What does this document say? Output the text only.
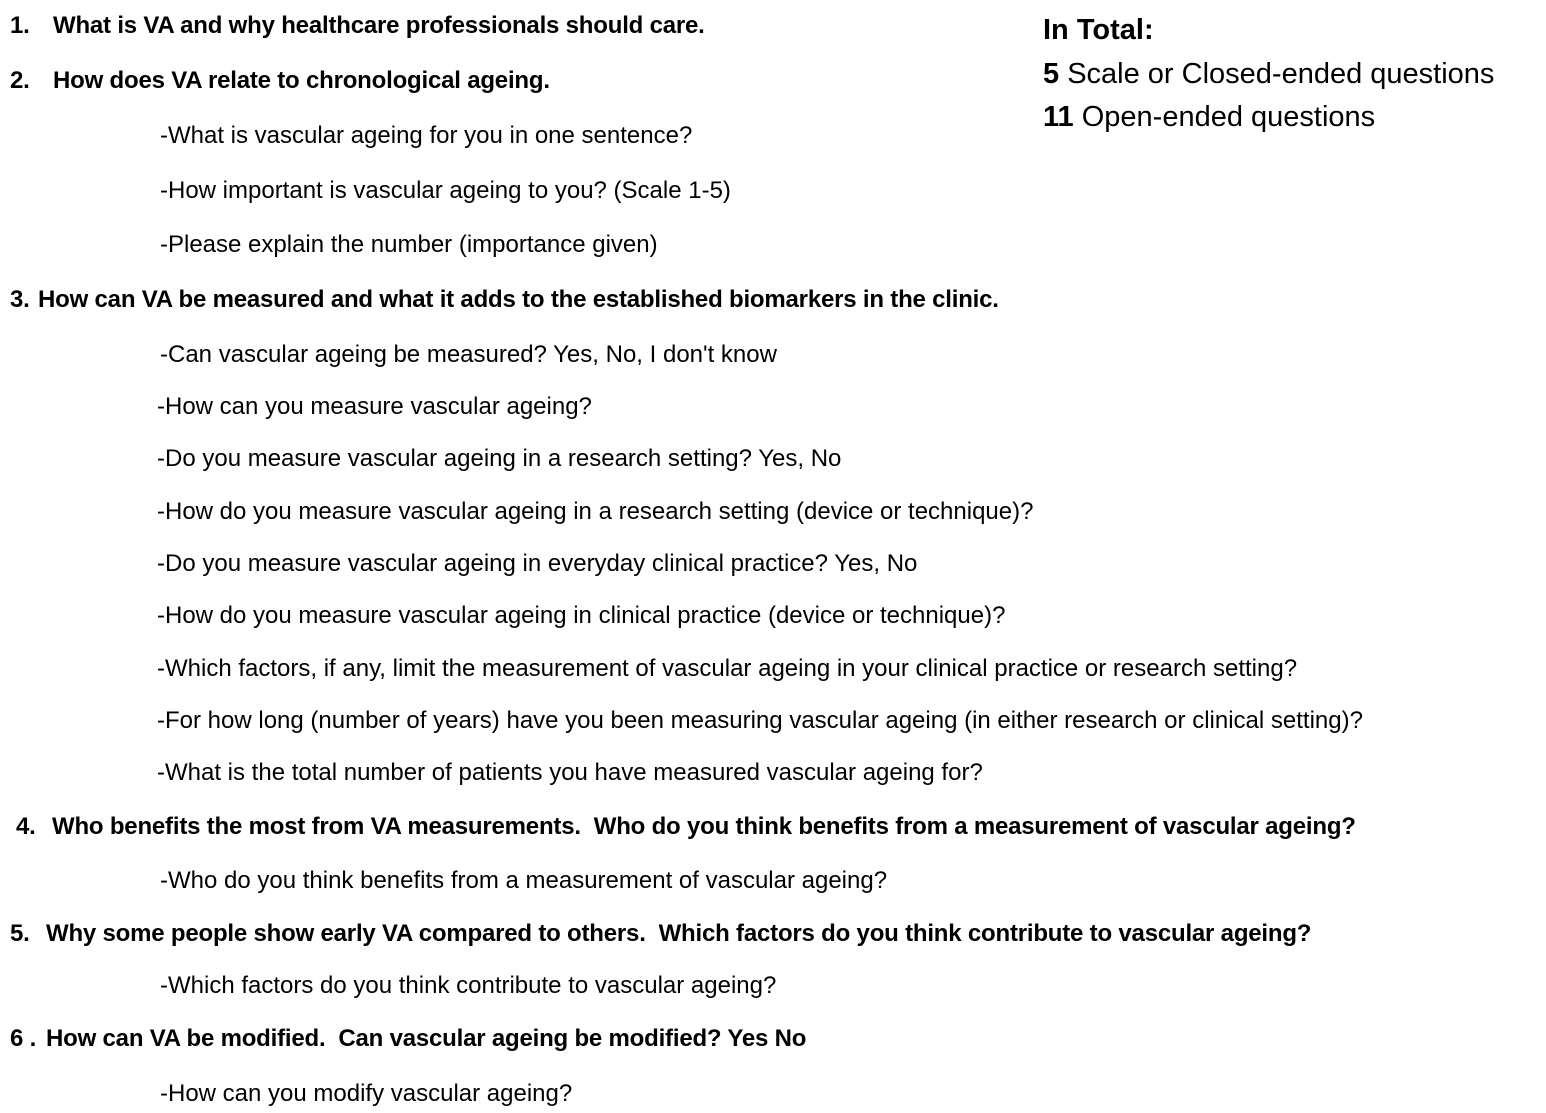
1. What is VA and why healthcare professionals should care.
2. How does VA relate to chronological ageing.
-What is vascular ageing for you in one sentence?
-How important is vascular ageing to you? (Scale 1-5)
-Please explain the number (importance given)
3. How can VA be measured and what it adds to the established biomarkers in the clinic.
-Can vascular ageing be measured? Yes, No, I don't know
-How can you measure vascular ageing?
-Do you measure vascular ageing in a research setting? Yes, No
-How do you measure vascular ageing in a research setting (device or technique)?
-Do you measure vascular ageing in everyday clinical practice? Yes, No
-How do you measure vascular ageing in clinical practice (device or technique)?
-Which factors, if any, limit the measurement of vascular ageing in your clinical practice or research setting?
-For how long (number of years) have you been measuring vascular ageing (in either research or clinical setting)?
-What is the total number of patients you have measured vascular ageing for?
4. Who benefits the most from VA measurements.  Who do you think benefits from a measurement of vascular ageing?
-Who do you think benefits from a measurement of vascular ageing?
5. Why some people show early VA compared to others.  Which factors do you think contribute to vascular ageing?
-Which factors do you think contribute to vascular ageing?
6 . How can VA be modified.  Can vascular ageing be modified? Yes No
-How can you modify vascular ageing?
In Total:
5 Scale or Closed-ended questions
11 Open-ended questions
